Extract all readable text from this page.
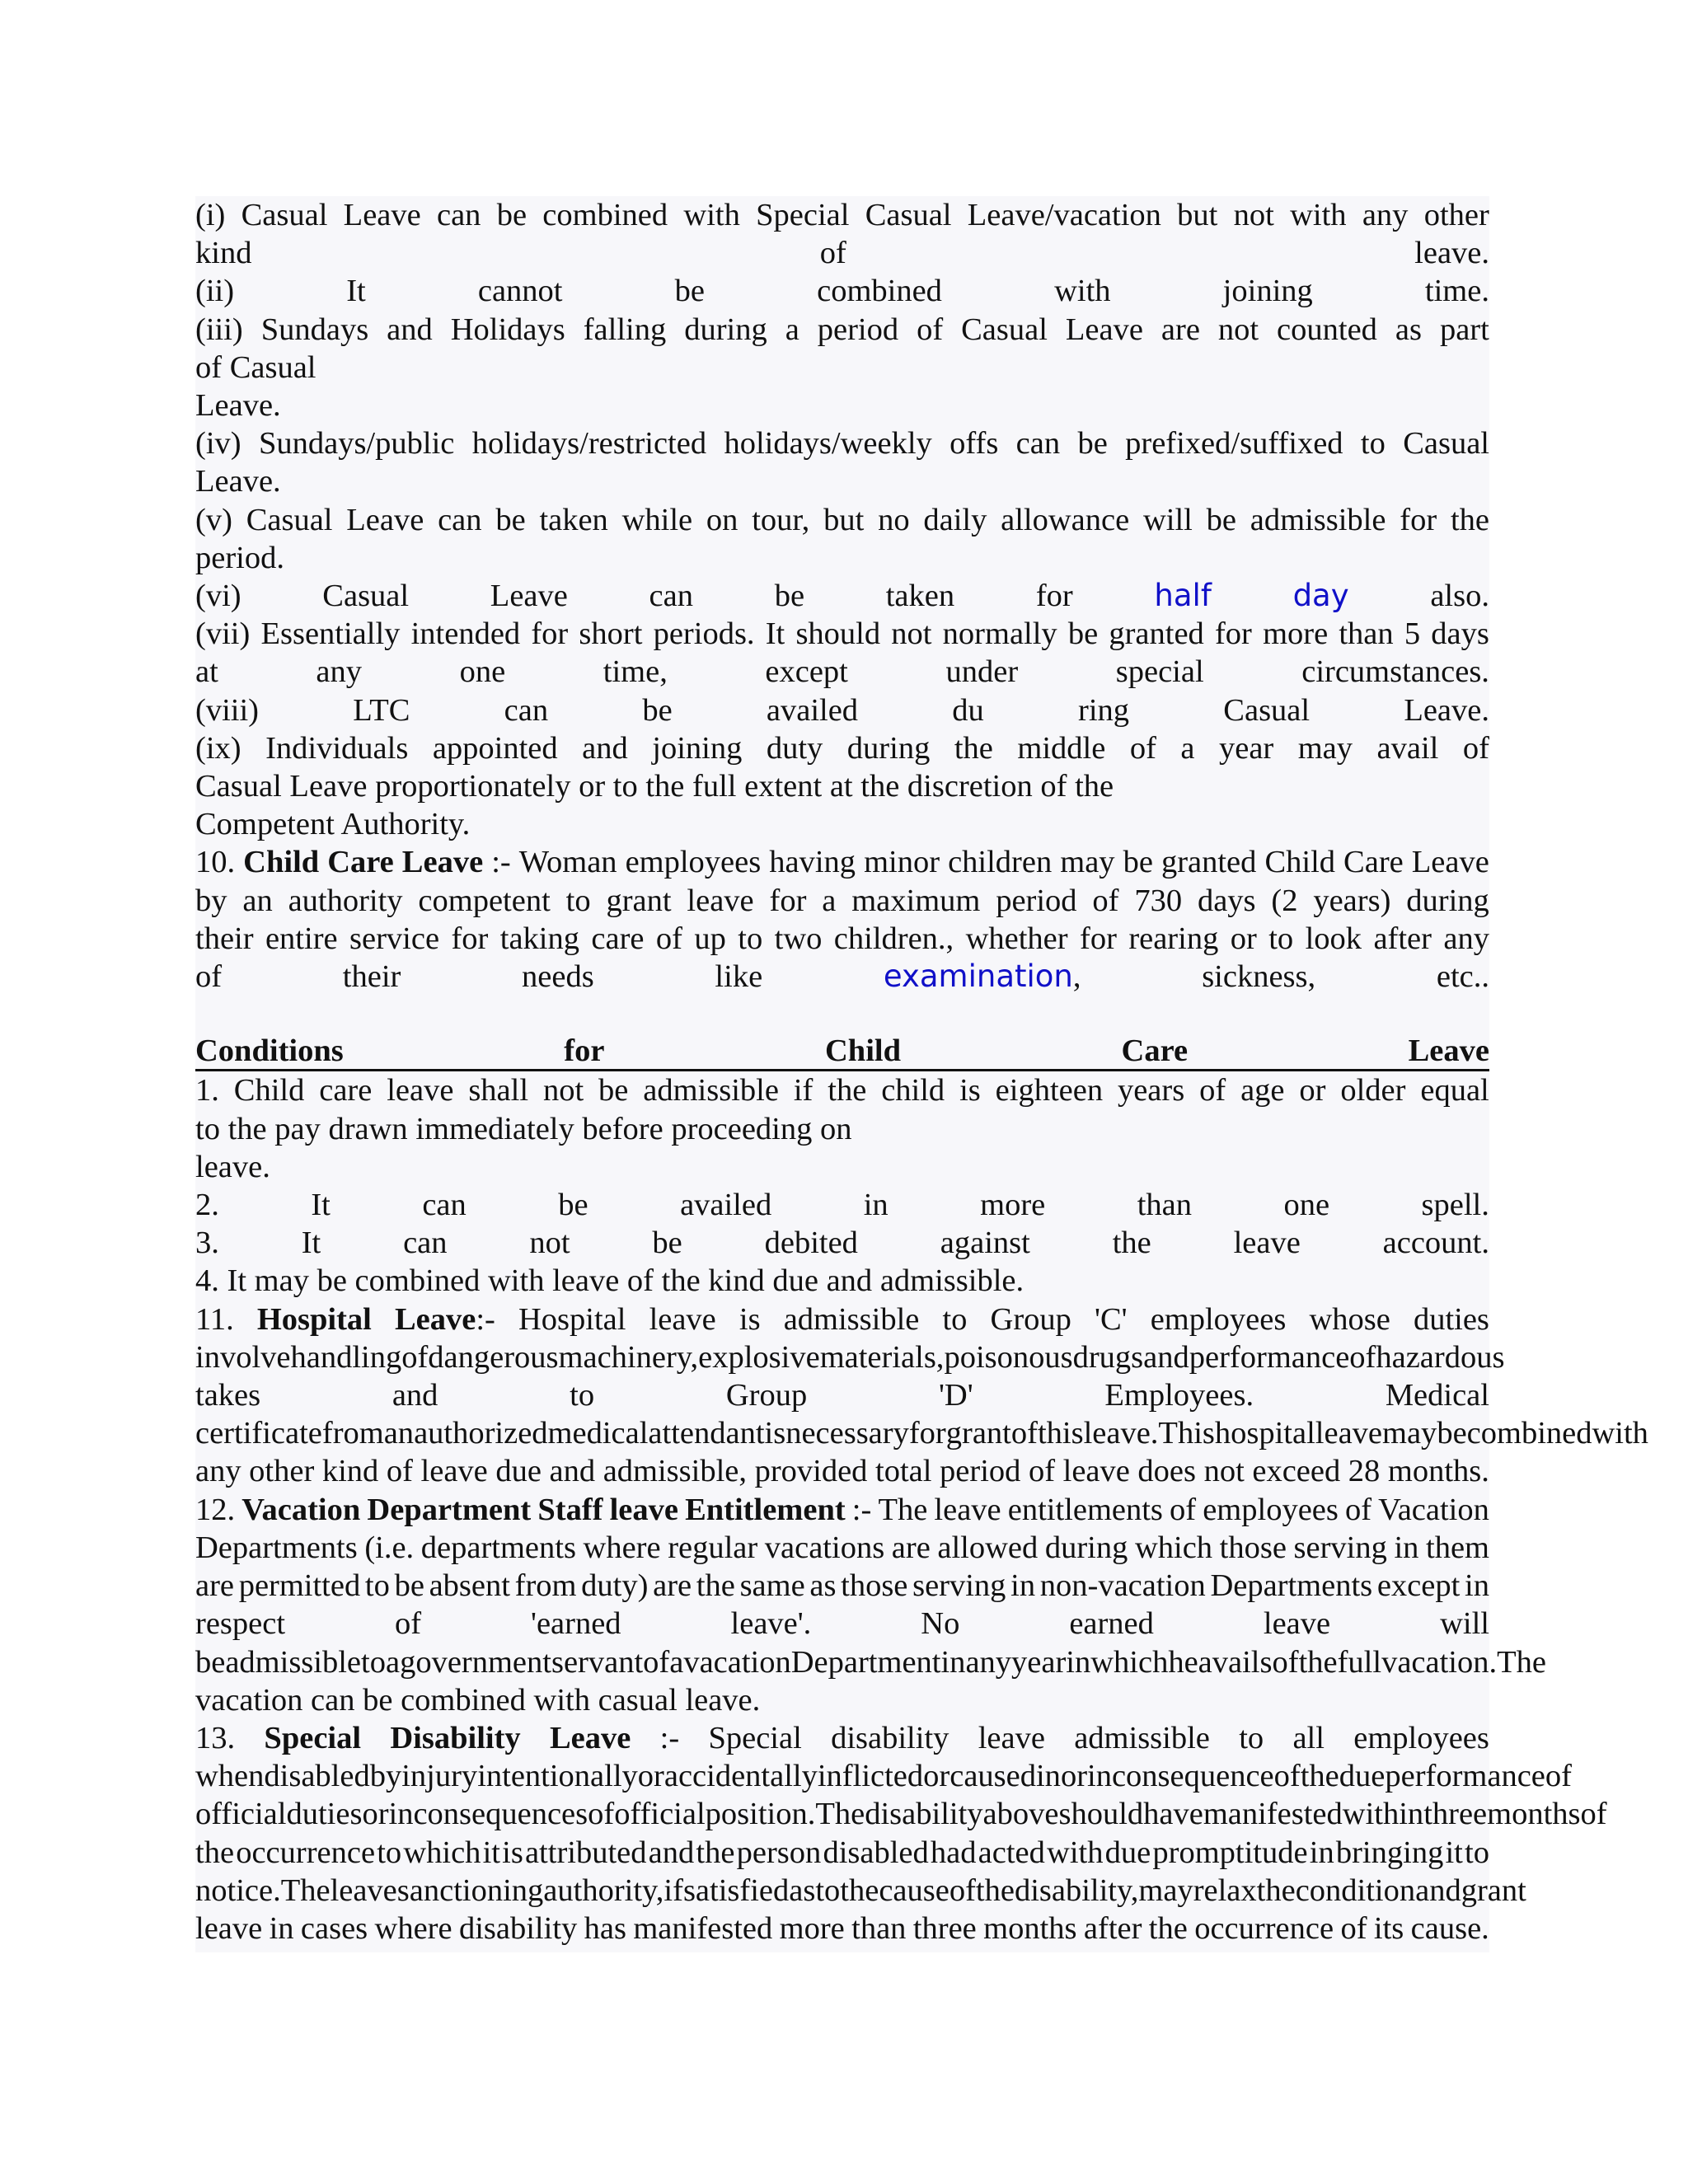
(i) Casual Leave can be combined with Special Casual Leave/vacation but not with any other
kind	of	leave.
(ii)	It	cannot	be	combined	with	joining	time.
(iii) Sundays and Holidays falling during a period of Casual Leave are not counted as part
of Casual
Leave.
(iv) Sundays/public holidays/restricted holidays/weekly offs can be prefixed/suffixed to Casual
Leave.
(v) Casual Leave can be taken while on tour, but no daily allowance will be admissible for the
period.
(vi)	Casual	Leave	can	be	taken	for	half	day	also.
(vii) Essentially intended for short periods. It should not normally be granted for more than 5 days
at	any	one	time,	except	under	special	circumstances.
(viii)	LTC	can	be	availed	du	ring	Casual	Leave.
(ix) Individuals appointed and joining duty during the middle of a year may avail of
Casual Leave proportionately or to the full extent at the discretion of the
Competent Authority.
10. Child Care Leave :- Woman employees having minor children may be granted Child Care Leave
by an authority competent to grant leave for a maximum period of 730 days (2 years) during
their entire service for taking care of up to two children., whether for rearing or to look after any
of	their	needs	like	examination,	sickness,	etc..
Conditions	for	Child	Care	Leave
1. Child care leave shall not be admissible if the child is eighteen years of age or older equal
to the pay drawn immediately before proceeding on
leave.
2.	It	can	be	availed	in	more	than	one	spell.
3.	It	can	not	be	debited	against	the	leave	account.
4. It may be combined with leave of the kind due and admissible.
11. Hospital Leave:- Hospital leave is admissible to Group 'C' employees whose duties
involve handling of dangerous machinery, explosive materials, poisonous drugs and performance of hazardous
takes	and	to	Group	'D'	Employees.	Medical
certificate from an authorized medical attendant is necessary for grant of this leave. This hospital leave may be combined with
any other kind of leave due and admissible, provided total period of leave does not exceed 28 months.
12. Vacation Department Staff leave Entitlement :- The leave entitlements of employees of Vacation
Departments (i.e. departments where regular vacations are allowed during which those serving in them
are permitted to be absent from duty) are the same as those serving in non-vacation Departments except in
respect	of	'earned	leave'.	No	earned	leave	will
be admissible to a government servant of a vacation Department in any year in which he avails of the full vacation. The
vacation can be combined with casual leave.
13. Special Disability Leave :- Special disability leave admissible to all employees
when disabled by injury intentionally or accidentally inflicted or caused in or in consequence of the due performance of
official duties or in consequences of official position. The disability above should have manifested within three months of
the occurrence to which it is attributed and the person disabled had acted with due promptitude in bringing it to
notice. The leave sanctioning authority, if satisfied as to the cause of the disability, may relax the condition and grant
leave in cases where disability has manifested more than three months after the occurrence of its cause.
